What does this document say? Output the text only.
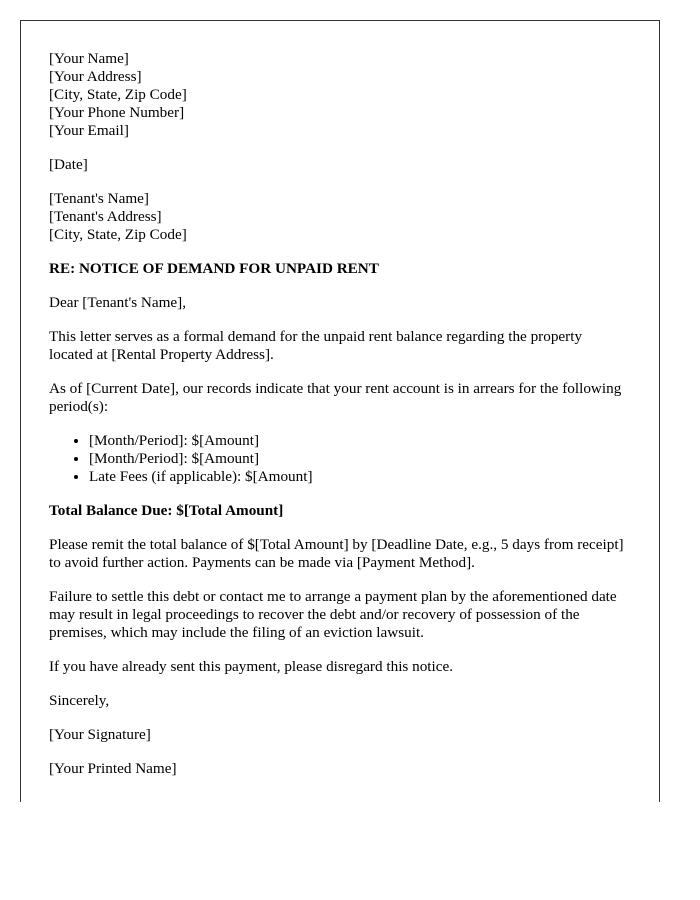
[Your Name]
[Your Address]
[City, State, Zip Code]
[Your Phone Number]
[Your Email]

[Date]

[Tenant's Name]
[Tenant's Address]
[City, State, Zip Code]

RE: NOTICE OF DEMAND FOR UNPAID RENT

Dear [Tenant's Name],

This letter serves as a formal demand for the unpaid rent balance regarding the property located at [Rental Property Address].

As of [Current Date], our records indicate that your rent account is in arrears for the following period(s):

• [Month/Period]: $[Amount]
• [Month/Period]: $[Amount]
• Late Fees (if applicable): $[Amount]

Total Balance Due: $[Total Amount]

Please remit the total balance of $[Total Amount] by [Deadline Date, e.g., 5 days from receipt] to avoid further action. Payments can be made via [Payment Method].

Failure to settle this debt or contact me to arrange a payment plan by the aforementioned date may result in legal proceedings to recover the debt and/or recovery of possession of the premises, which may include the filing of an eviction lawsuit.

If you have already sent this payment, please disregard this notice.

Sincerely,

[Your Signature]

[Your Printed Name]
